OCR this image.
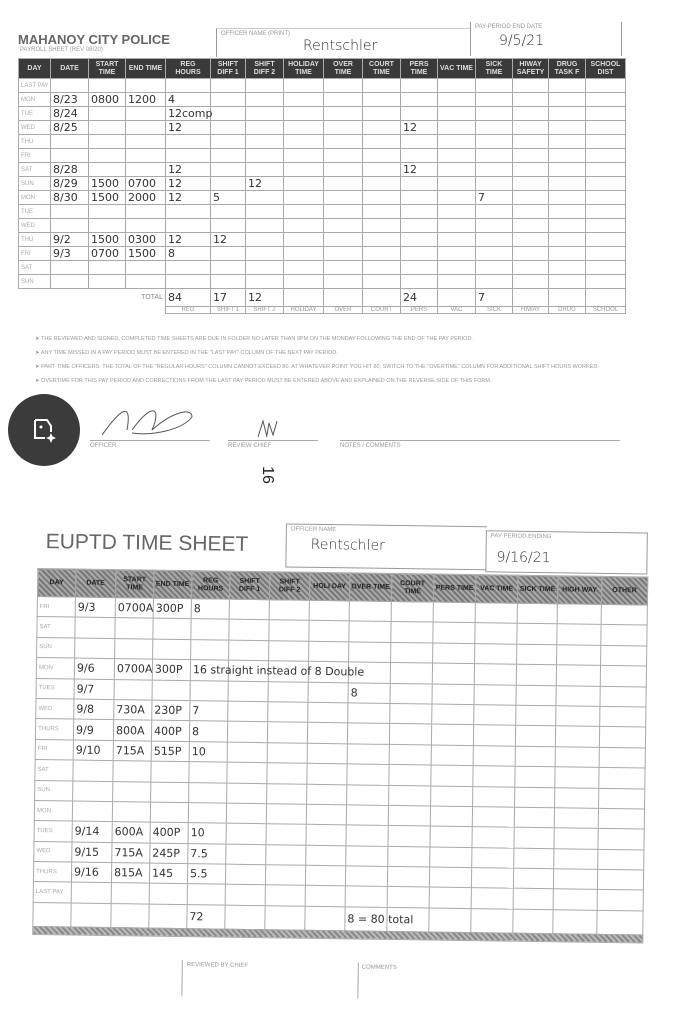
MAHANOY CITY POLICE
PAYROLL SHEET (REV 08/20)
OFFICER NAME (PRINT)
Rentschler
PAY PERIOD END DATE
9/5/21
DAY	DATE	START TIME	END TIME	REG HOURS	SHIFT DIFF 1	SHIFT DIFF 2	HOLIDAY TIME	OVER TIME	COURT TIME	PERS TIME	VAC TIME	SICK TIME	HIWAY SAFETY	DRUG TASK F	SCHOOL DIST
LAST PAY															
MON	8/23	0800	1200	4											
TUE	8/24			12comp											
WED	8/25			12						12					
THU															
FRI															
SAT	8/28			12						12					
SUN	8/29	1500	0700	12		12									
MON	8/30	1500	2000	12	5							7			
TUE															
WED															
THU	9/2	1500	0300	12	12										
FRI	9/3	0700	1500	8											
SAT															
SUN															
TOTAL				84	17	12				24		7			
				REG	SHIFT 1	SHIFT 2	HOLIDAY	OVER	COURT	PERS	VAC	SICK	HIWAY	DRUG	SCHOOL
➤ THE REVIEWED AND SIGNED, COMPLETED TIME SHEETS ARE DUE IN FOLDER NO LATER THAN 9PM ON THE MONDAY FOLLOWING THE END OF THE PAY PERIOD.
➤ ANY TIME MISSED IN A PAY PERIOD MUST BE ENTERED IN THE "LAST PAY" COLUMN OF THE NEXT PAY PERIOD.
➤ PART-TIME OFFICERS: THE TOTAL OF THE "REGULAR HOURS" COLUMN CANNOT EXCEED 80. AT WHATEVER POINT YOU HIT 80, SWITCH TO THE "OVERTIME" COLUMN FOR ADDITIONAL SHIFT HOURS WORKED.
➤ OVERTIME FOR THIS PAY PERIOD AND CORRECTIONS FROM THE LAST PAY PERIOD MUST BE ENTERED ABOVE AND EXPLAINED ON THE REVERSE SIDE OF THIS FORM.
OFFICER	REVIEW CHIEF	NOTES / COMMENTS
16
EUPTD TIME SHEET
OFFICER NAME
Rentschler
PAY PERIOD ENDING
9/16/21
DAY	DATE	START TIME	END TIME	REG HOURS	SHIFT DIFF 1	SHIFT DIFF 2	HOLI DAY	OVER TIME	COURT TIME	PERS TIME	VAC TIME	SICK TIME	HIGH WAY	OTHER
FRI	9/3	0700A	300P	8										
SAT														
SUN														
MON	9/6	0700A	300P	16 straight instead of 8 Double										
TUES	9/7							8						
WED	9/8	730A	230P	7										
THURS	9/9	800A	400P	8										
FRI	9/10	715A	515P	10										
SAT														
SUN														
MON														
TUES	9/14	600A	400P	10										
WED	9/15	715A	245P	7.5										
THURS	9/16	815A	145	5.5										
LAST PAY														
				72				8 = 80 total						

REVIEWED BY CHIEF	COMMENTS
